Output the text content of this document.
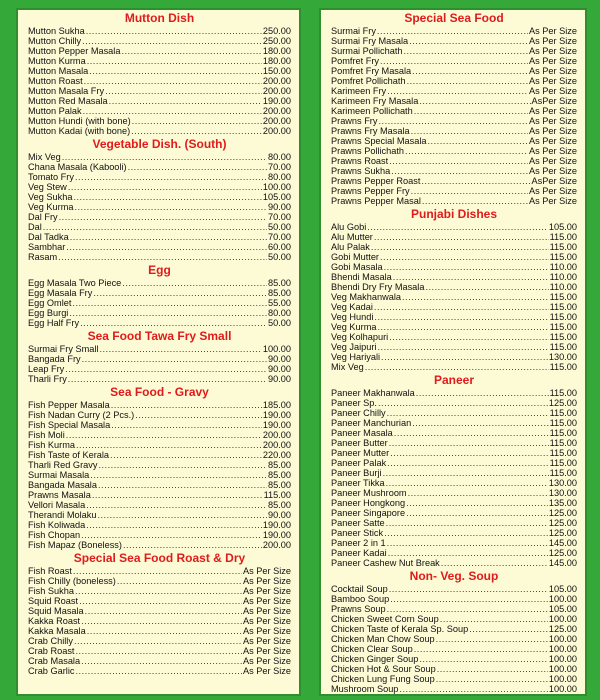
Mutton Dish
Mutton Sukha .....	250.00
Mutton Chilly .....	250.00
Mutton Pepper Masala .....	180.00
Mutton Kurma .....	180.00
Mutton Masala .....	150.00
Mutton Roast .....	200.00
Mutton Masala Fry .....	200.00
Mutton Red Masala .....	190.00
Mutton Palak .....	200.00
Mutton Hundi (with bone) .....	200.00
Mutton Kadai (with bone) .....	200.00
Vegetable Dish. (South)
Mix Veg .....	80.00
Chana Masala (Kabooli) .....	70.00
Tomato Fry .....	80.00
Veg Stew .....	100.00
Veg Sukha .....	105.00
Veg Kurma .....	90.00
Dal Fry .....	70.00
Dal .....	50.00
Dal Tadka .....	70.00
Sambhar .....	60.00
Rasam .....	50.00
Egg
Egg Masala Two Piece .....	85.00
Egg Masala Fry .....	85.00
Egg Omlet .....	55.00
Egg Burgi .....	80.00
Egg Half Fry .....	50.00
Sea Food Tawa Fry Small
Surmai Fry Small .....	100.00
Bangada Fry .....	90.00
Leap Fry .....	90.00
Tharli Fry .....	90.00
Sea Food - Gravy
Fish Pepper Masala .....	185.00
Fish Nadan Curry (2 Pcs.) .....	190.00
Fish Special Masala .....	190.00
Fish Moli .....	200.00
Fish Kurma .....	200.00
Fish Taste of Kerala .....	220.00
Tharli Red Gravy .....	85.00
Surmai Masala .....	85.00
Bangada Masala .....	85.00
Prawns Masala .....	115.00
Vellori Masala .....	85.00
Therandi Molaku .....	90.00
Fish Koliwada .....	190.00
Fish Chopan .....	190.00
Fish Mapaz (Boneless) .....	200.00
Special Sea Food Roast & Dry
Fish Roast .....	As Per Size
Fish Chilly (boneless) .....	As Per Size
Fish Sukha .....	As Per Size
Squid Roast .....	As Per Size
Squid Masala .....	As Per Size
Kakka Roast .....	As Per Size
Kakka Masala .....	As Per Size
Crab Chilly .....	As Per Size
Crab Roast .....	As Per Size
Crab Masala .....	As Per Size
Crab Garlic .....	As Per Size
Special Sea Food
Surmai Fry .....	As Per Size
Surmai Fry Masala .....	As Per Size
Surmai Pollichath .....	As Per Size
Pomfret Fry .....	As Per Size
Pomfret Fry Masala .....	As Per Size
Pomfret Pollichath .....	As Per Size
Karimeen Fry .....	As Per Size
Karimeen Fry Masala .....	AsPer Size
Karimeen Pollichath .....	As Per Size
Prawns Fry .....	As Per Size
Prawns Fry Masala .....	As Per Size
Prawns Special Masala .....	As Per Size
Prawns Pollichath .....	As Per Size
Prawns Roast .....	As Per Size
Prawns Sukha .....	As Per Size
Prawns Pepper Roast .....	AsPer Size
Prawns Pepper Fry .....	As Per Size
Prawns Pepper Masal .....	As Per Size
Punjabi Dishes
Alu Gobi .....	105.00
Alu Mutter .....	115.00
Alu Palak .....	115.00
Gobi Mutter .....	115.00
Gobi Masala .....	110.00
Bhendi Masala .....	110.00
Bhendi Dry Fry Masala .....	110.00
Veg Makhanwala .....	115.00
Veg Kadai .....	115.00
Veg Hundi .....	115.00
Veg Kurma .....	115.00
Veg Kolhapuri .....	115.00
Veg Jaipuri .....	115.00
Veg Hariyali .....	130.00
Mix Veg .....	115.00
Paneer
Paneer Makhanwala .....	115.00
Paneer Sp. .....	125.00
Paneer Chilly .....	115.00
Paneer Manchurian .....	115.00
Paneer Masala .....	115.00
Paneer Butter .....	115.00
Paneer Mutter .....	115.00
Paneer Palak .....	115.00
Paneer Burji .....	115.00
Paneer Tikka .....	130.00
Paneer Mushroom .....	130.00
Paneer Hongkong .....	135.00
Paneer Singapore .....	125.00
Paneer Satte .....	125.00
Paneer Stick .....	125.00
Paneer 2 in 1 .....	145.00
Paneer Kadai .....	125.00
Paneer Cashew Nut Break .....	145.00
Non- Veg. Soup
Cocktail Soup .....	105.00
Bamboo Soup .....	100.00
Prawns Soup .....	105.00
Chicken Sweet Corn Soup .....	100.00
Chicken Taste of Kerala Sp. Soup .....	125.00
Chicken Man Chow Soup .....	100.00
Chicken Clear Soup .....	100.00
Chicken Ginger Soup .....	100.00
Chicken Hot & Sour Soup .....	100.00
Chicken Lung Fung Soup .....	100.00
Mushroom Soup .....	100.00
